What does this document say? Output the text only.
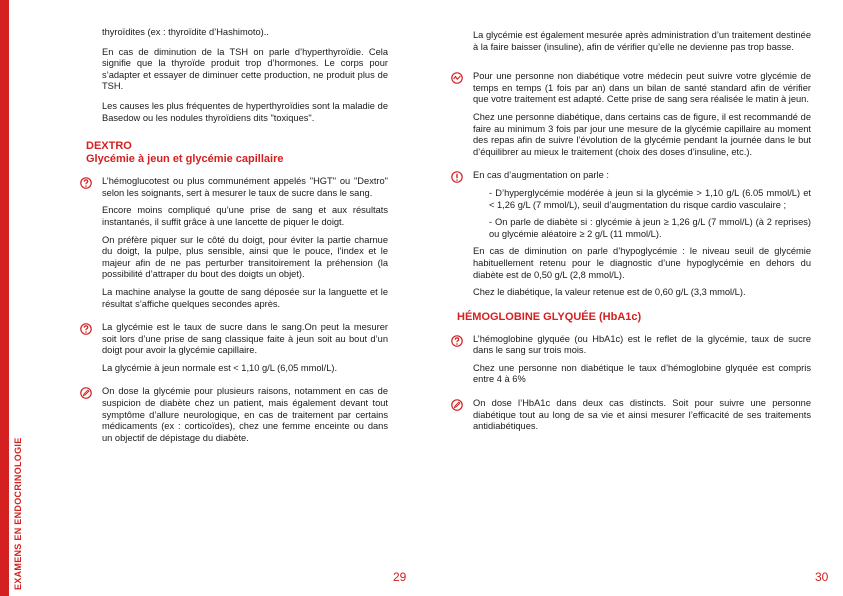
EXAMENS EN ENDOCRINOLOGIE

thyroïdites (ex : thyroïdite d’Hashimoto)..

En cas de diminution de la TSH on parle d’hyperthyroïdie. Cela signifie que la thyroïde produit trop d’hormones. Le corps pour s’adapter et essayer de diminuer cette production, ne produit plus de TSH.

Les causes les plus fréquentes de hyperthyroïdies sont la maladie de Basedow ou les nodules thyroïdiens dits "toxiques".

DEXTRO
Glycémie à jeun et glycémie capillaire

L’hémoglucotest ou plus communément appelés "HGT" ou "Dextro" selon les soignants, sert à mesurer le taux de sucre dans le sang.

Encore moins compliqué qu’une prise de sang et aux résultats instantanés, il suffit grâce à une lancette de piquer le doigt.

On préfère piquer sur le côté du doigt, pour éviter la partie charnue du doigt, la pulpe, plus sensible, ainsi que le pouce, l’index et le majeur afin de ne pas perturber transitoirement la préhension (la possibilité d’attraper du bout des doigts un objet).

La machine analyse la goutte de sang déposée sur la languette et le résultat s’affiche quelques secondes après.

La glycémie est le taux de sucre dans le sang.On peut la mesurer soit lors d’une prise de sang classique faite à jeun soit au bout d’un doigt pour avoir la glycémie capillaire.

La glycémie à jeun normale est < 1,10 g/L (6,05 mmol/L).

On dose la glycémie pour plusieurs raisons, notamment en cas de suspicion de diabète chez un patient, mais également devant tout symptôme d’allure neurologique, en cas de traitement par certains médicaments (ex : corticoïdes), chez une femme enceinte ou dans un objectif de dépistage du diabète.

29

La glycémie est également mesurée après administration d’un traitement destinée à la faire baisser (insuline), afin de vérifier qu’elle ne devienne pas trop basse.

Pour une personne non diabétique votre médecin peut suivre votre glycémie de temps en temps (1 fois par an) dans un bilan de santé standard afin de vérifier que votre traitement est adapté. Cette prise de sang sera réalisée le matin à jeun.

Chez une personne diabétique, dans certains cas de figure, il est recommandé de faire au minimum 3 fois par jour une mesure de la glycémie capillaire au moment des repas afin de suivre l’évolution de la glycémie pendant la journée dans le but d’équilibrer au mieux le traitement (choix des doses d’insuline, etc.).

En cas d’augmentation on parle :

- D’hyperglycémie modérée à jeun si la glycémie > 1,10 g/L (6.05 mmol/L) et < 1,26 g/L (7 mmol/L), seuil d’augmentation du risque cardio vasculaire ;

- On parle de diabète si : glycémie à jeun ≥ 1,26 g/L (7 mmol/L) (à 2 reprises) ou glycémie aléatoire ≥ 2 g/L (11 mmol/L).

En cas de diminution on parle d’hypoglycémie : le niveau seuil de glycémie habituellement retenu pour le diagnostic d’une hypoglycémie en dehors du diabète est de 0,50 g/L (2,8 mmol/L).

Chez le diabétique, la valeur retenue est de 0,60 g/L (3,3 mmol/L).

HÉMOGLOBINE GLYQUÉE (HbA1c)

L’hémoglobine glyquée (ou HbA1c) est le reflet de la glycémie, taux de sucre dans le sang sur trois mois.

Chez une personne non diabétique le taux d’hémoglobine glyquée est compris entre 4 à 6%

On dose l’HbA1c dans deux cas distincts. Soit pour suivre une personne diabétique tout au long de sa vie et ainsi mesurer l’efficacité de ses traitements antidiabétiques.

30
